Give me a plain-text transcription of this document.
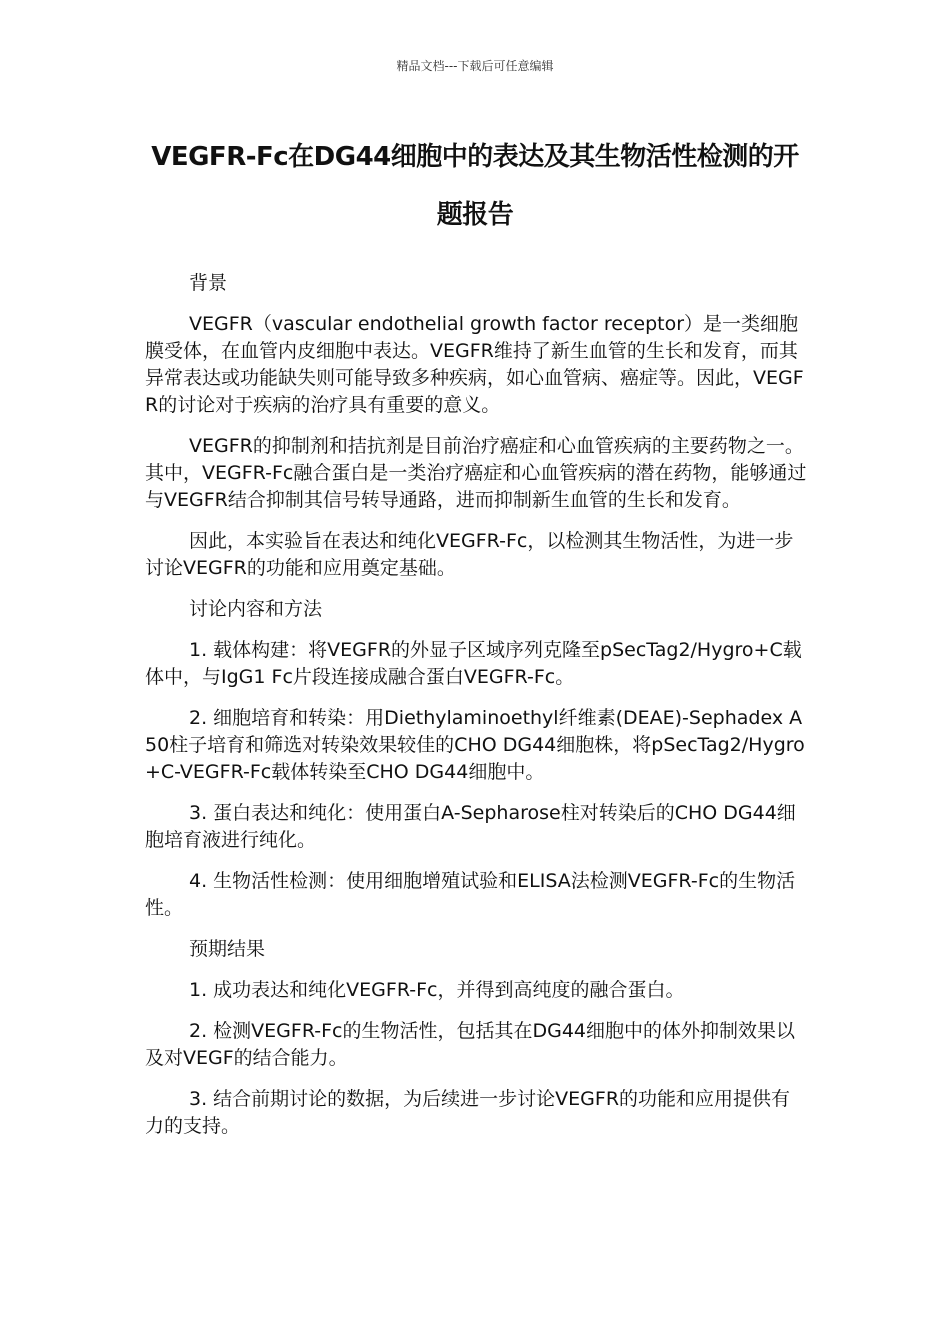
精品文档---下载后可任意编辑
VEGFR-Fc在DG44细胞中的表达及其生物活性检测的开题报告

背景

VEGFR（vascular endothelial growth factor receptor）是一类细胞膜受体，在血管内皮细胞中表达。VEGFR维持了新生血管的生长和发育，而其异常表达或功能缺失则可能导致多种疾病，如心血管病、癌症等。因此，VEGFR的讨论对于疾病的治疗具有重要的意义。

VEGFR的抑制剂和拮抗剂是目前治疗癌症和心血管疾病的主要药物之一。其中，VEGFR-Fc融合蛋白是一类治疗癌症和心血管疾病的潜在药物，能够通过与VEGFR结合抑制其信号转导通路，进而抑制新生血管的生长和发育。

因此，本实验旨在表达和纯化VEGFR-Fc，以检测其生物活性，为进一步讨论VEGFR的功能和应用奠定基础。

讨论内容和方法

1. 载体构建：将VEGFR的外显子区域序列克隆至pSecTag2/Hygro+C载体中，与IgG1 Fc片段连接成融合蛋白VEGFR-Fc。

2. 细胞培育和转染：用Diethylaminoethyl纤维素(DEAE)-Sephadex A50柱子培育和筛选对转染效果较佳的CHO DG44细胞株，将pSecTag2/Hygro+C-VEGFR-Fc载体转染至CHO DG44细胞中。

3. 蛋白表达和纯化：使用蛋白A-Sepharose柱对转染后的CHO DG44细胞培育液进行纯化。

4. 生物活性检测：使用细胞增殖试验和ELISA法检测VEGFR-Fc的生物活性。

预期结果

1. 成功表达和纯化VEGFR-Fc，并得到高纯度的融合蛋白。

2. 检测VEGFR-Fc的生物活性，包括其在DG44细胞中的体外抑制效果以及对VEGF的结合能力。

3. 结合前期讨论的数据，为后续进一步讨论VEGFR的功能和应用提供有力的支持。
